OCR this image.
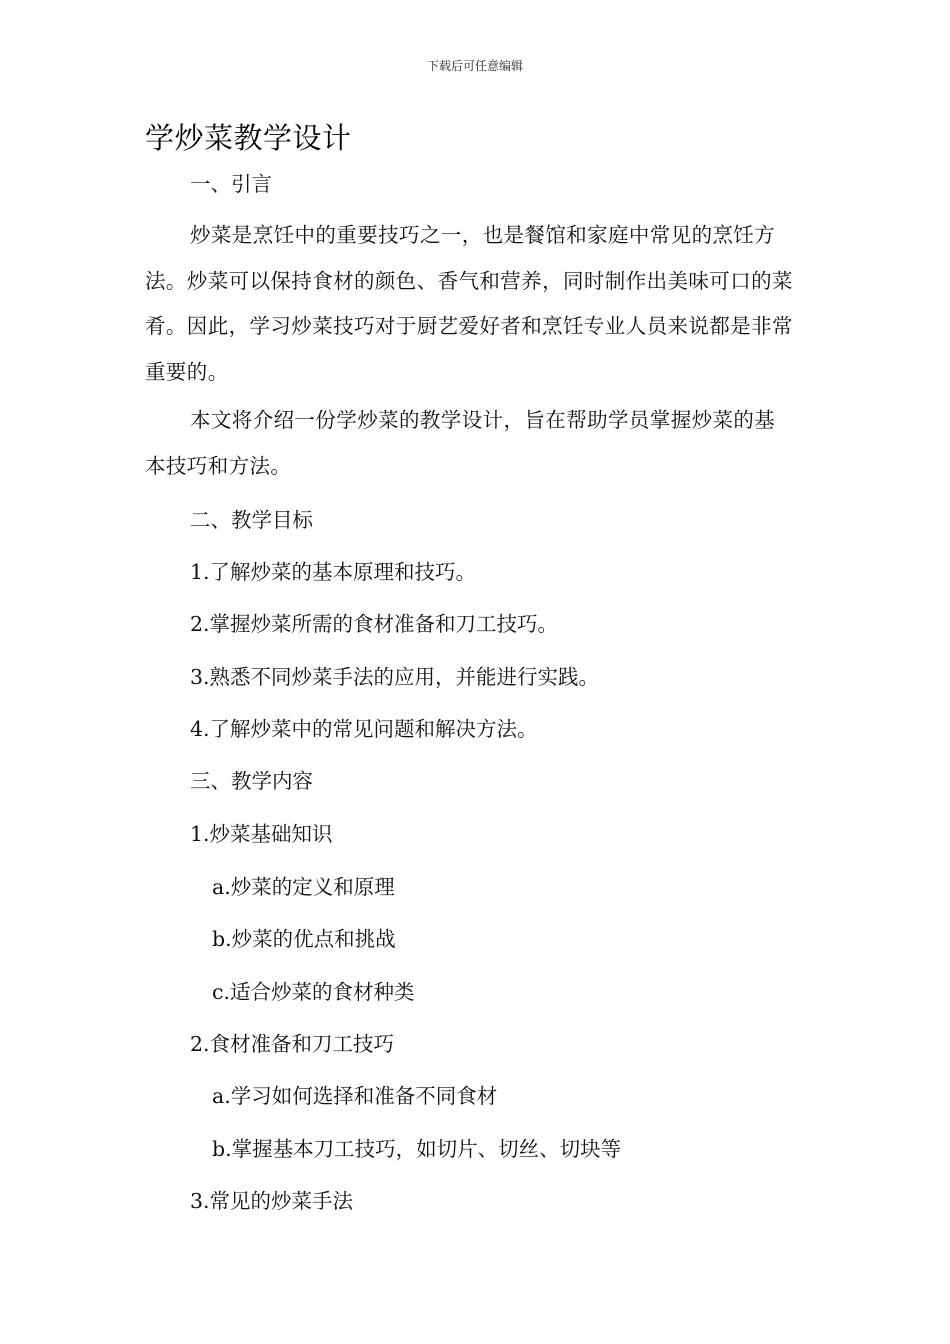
下载后可任意编辑
学炒菜教学设计
一、引言

炒菜是烹饪中的重要技巧之一，也是餐馆和家庭中常见的烹饪方法。炒菜可以保持食材的颜色、香气和营养，同时制作出美味可口的菜肴。因此，学习炒菜技巧对于厨艺爱好者和烹饪专业人员来说都是非常重要的。

本文将介绍一份学炒菜的教学设计，旨在帮助学员掌握炒菜的基本技巧和方法。

二、教学目标
1.了解炒菜的基本原理和技巧。
2.掌握炒菜所需的食材准备和刀工技巧。
3.熟悉不同炒菜手法的应用，并能进行实践。
4.了解炒菜中的常见问题和解决方法。
三、教学内容
1.炒菜基础知识
a.炒菜的定义和原理
b.炒菜的优点和挑战
c.适合炒菜的食材种类
2.食材准备和刀工技巧
a.学习如何选择和准备不同食材
b.掌握基本刀工技巧，如切片、切丝、切块等
3.常见的炒菜手法
